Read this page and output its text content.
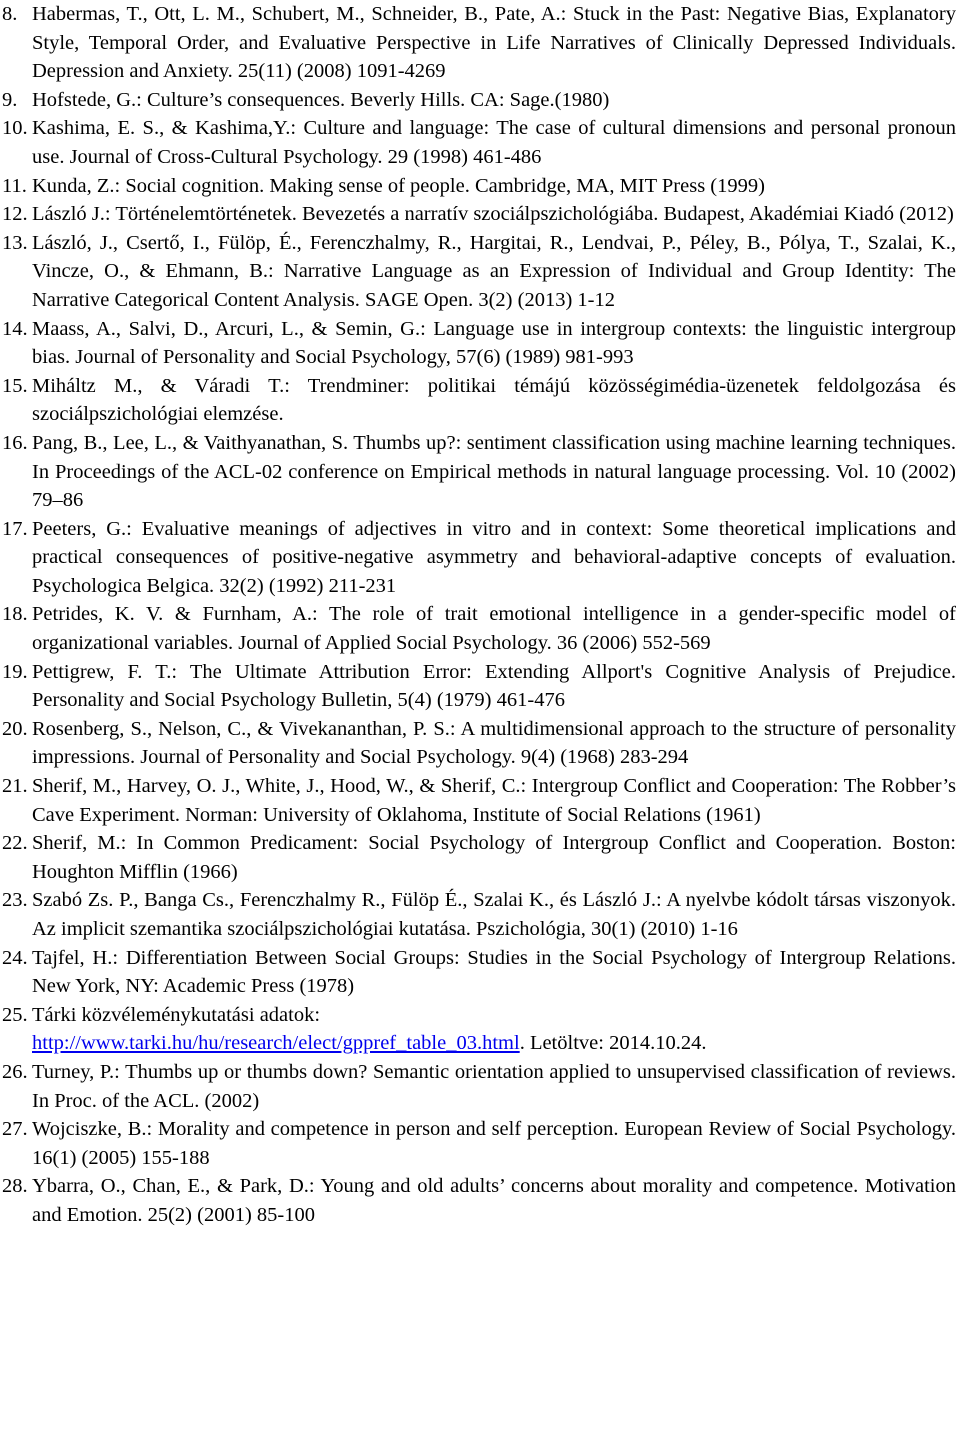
8. Habermas, T., Ott, L. M., Schubert, M., Schneider, B., Pate, A.: Stuck in the Past: Negative Bias, Explanatory Style, Temporal Order, and Evaluative Perspective in Life Narratives of Clinically Depressed Individuals. Depression and Anxiety. 25(11) (2008) 1091-4269
9. Hofstede, G.: Culture’s consequences. Beverly Hills. CA: Sage.(1980)
10. Kashima, E. S., & Kashima,Y.: Culture and language: The case of cultural dimensions and personal pronoun use. Journal of Cross-Cultural Psychology. 29 (1998) 461-486
11. Kunda, Z.: Social cognition. Making sense of people. Cambridge, MA, MIT Press (1999)
12. László J.: Történelemtörténetek. Bevezetés a narratív szociálpszichológiába. Budapest, Akadémiai Kiadó (2012)
13. László, J., Csertő, I., Fülöp, É., Ferenczhalmy, R., Hargitai, R., Lendvai, P., Péley, B., Pólya, T., Szalai, K., Vincze, O., & Ehmann, B.: Narrative Language as an Expression of Individual and Group Identity: The Narrative Categorical Content Analysis. SAGE Open. 3(2) (2013) 1-12
14. Maass, A., Salvi, D., Arcuri, L., & Semin, G.: Language use in intergroup contexts: the linguistic intergroup bias. Journal of Personality and Social Psychology, 57(6) (1989) 981-993
15. Miháltz M., & Váradi T.: Trendminer: politikai témájú közösségimédia-üzenetek feldolgozása és szociálpszichológiai elemzése.
16. Pang, B., Lee, L., & Vaithyanathan, S. Thumbs up?: sentiment classification using machine learning techniques. In Proceedings of the ACL-02 conference on Empirical methods in natural language processing. Vol. 10 (2002) 79–86
17. Peeters, G.: Evaluative meanings of adjectives in vitro and in context: Some theoretical implications and practical consequences of positive-negative asymmetry and behavioral-adaptive concepts of evaluation. Psychologica Belgica. 32(2) (1992) 211-231
18. Petrides, K. V. & Furnham, A.: The role of trait emotional intelligence in a gender-specific model of organizational variables. Journal of Applied Social Psychology. 36 (2006) 552-569
19. Pettigrew, F. T.: The Ultimate Attribution Error: Extending Allport's Cognitive Analysis of Prejudice. Personality and Social Psychology Bulletin, 5(4) (1979) 461-476
20. Rosenberg, S., Nelson, C., & Vivekananthan, P. S.: A multidimensional approach to the structure of personality impressions. Journal of Personality and Social Psychology. 9(4) (1968) 283-294
21. Sherif, M., Harvey, O. J., White, J., Hood, W., & Sherif, C.: Intergroup Conflict and Cooperation: The Robber’s Cave Experiment. Norman: University of Oklahoma, Institute of Social Relations (1961)
22. Sherif, M.: In Common Predicament: Social Psychology of Intergroup Conflict and Cooperation. Boston: Houghton Mifflin (1966)
23. Szabó Zs. P., Banga Cs., Ferenczhalmy R., Fülöp É., Szalai K., és László J.: A nyelvbe kódolt társas viszonyok. Az implicit szemantika szociálpszichológiai kutatása. Pszichológia, 30(1) (2010) 1-16
24. Tajfel, H.: Differentiation Between Social Groups: Studies in the Social Psychology of Intergroup Relations. New York, NY: Academic Press (1978)
25. Tárki közvéleménykutatási adatok:
http://www.tarki.hu/hu/research/elect/gppref_table_03.html. Letöltve: 2014.10.24.
26. Turney, P.: Thumbs up or thumbs down? Semantic orientation applied to unsupervised classification of reviews. In Proc. of the ACL. (2002)
27. Wojciszke, B.: Morality and competence in person and self perception. European Review of Social Psychology. 16(1) (2005) 155-188
28. Ybarra, O., Chan, E., & Park, D.: Young and old adults’ concerns about morality and competence. Motivation and Emotion. 25(2) (2001) 85-100
